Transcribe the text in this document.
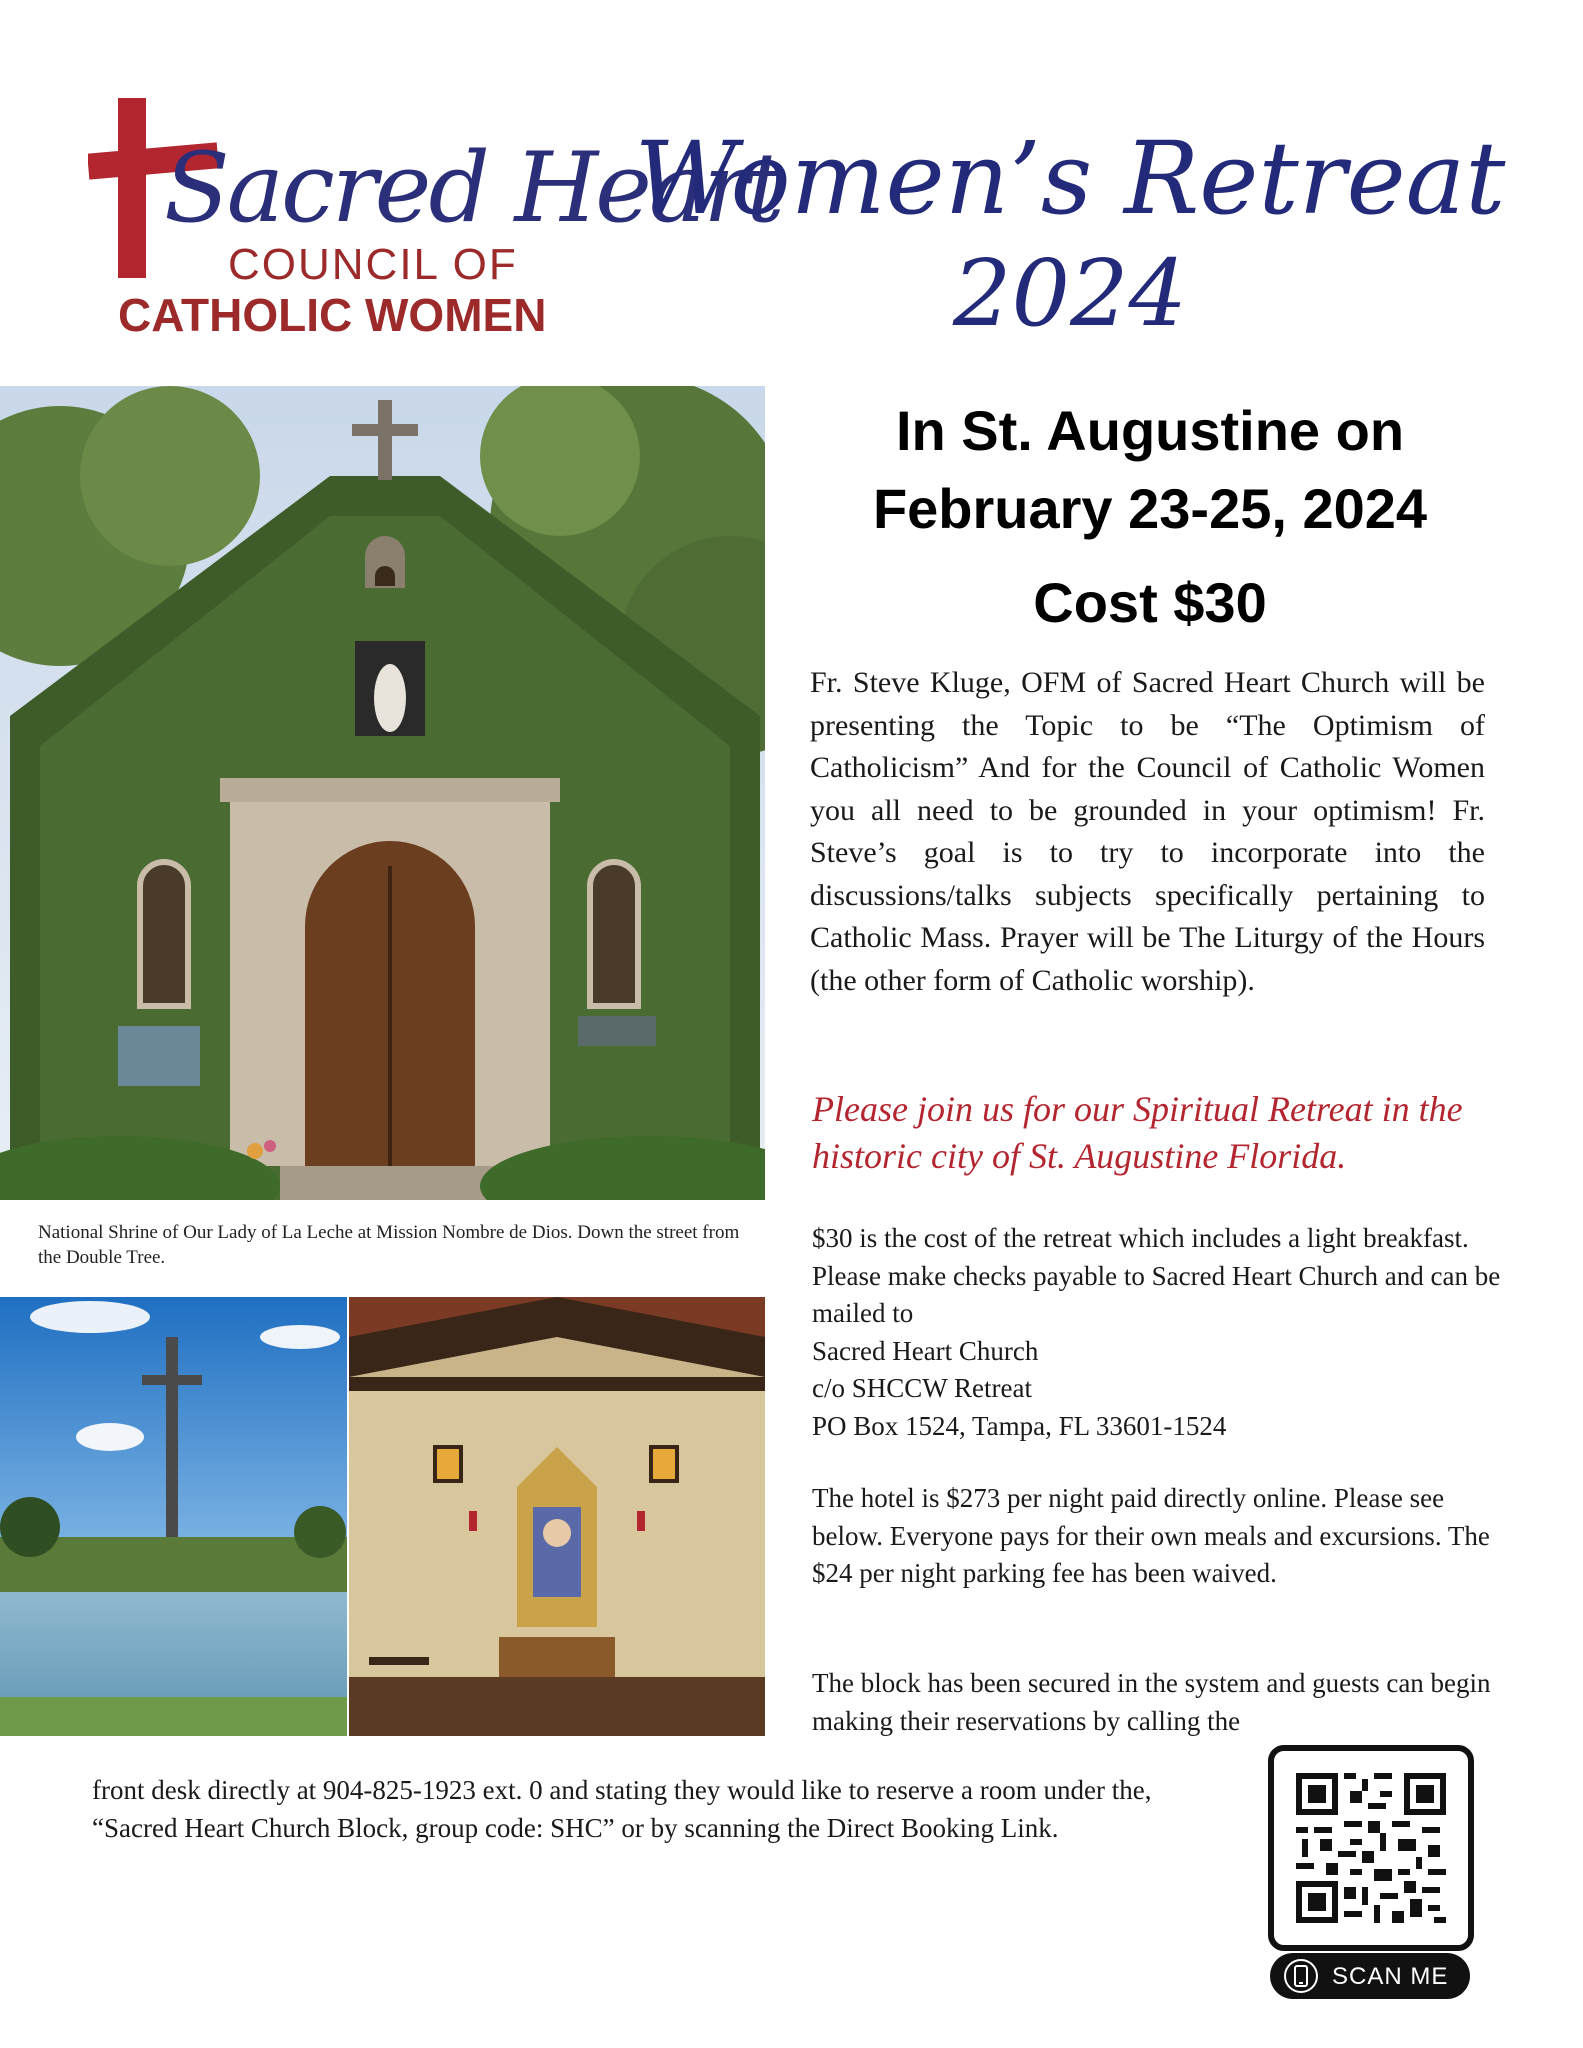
Sacred Heart
COUNCIL OF
CATHOLIC WOMEN
Women’s Retreat
2024
In St. Augustine on
February 23-25, 2024
Cost $30

Fr. Steve Kluge, OFM of Sacred Heart Church will be presenting the Topic to be “The Optimism of Catholicism” And for the Council of Catholic Women you all need to be grounded in your optimism! Fr. Steve’s goal is to try to incorporate into the discussions/talks subjects specifically pertaining to Catholic Mass. Prayer will be The Liturgy of the Hours (the other form of Catholic worship).

Please join us for our Spiritual Retreat in the historic city of St. Augustine Florida.

$30 is the cost of the retreat which includes a light breakfast. Please make checks payable to Sacred Heart Church and can be mailed to
Sacred Heart Church
c/o SHCCW Retreat
PO Box 1524, Tampa, FL 33601-1524

The hotel is $273 per night paid directly online. Please see below. Everyone pays for their own meals and excursions. The $24 per night parking fee has been waived.

The block has been secured in the system and guests can begin making their reservations by calling the

front desk directly at 904-825-1923 ext. 0 and stating they would like to reserve a room under the, “Sacred Heart Church Block, group code: SHC” or by scanning the Direct Booking Link.

National Shrine of Our Lady of La Leche at Mission Nombre de Dios. Down the street from the Double Tree.

SCAN ME
